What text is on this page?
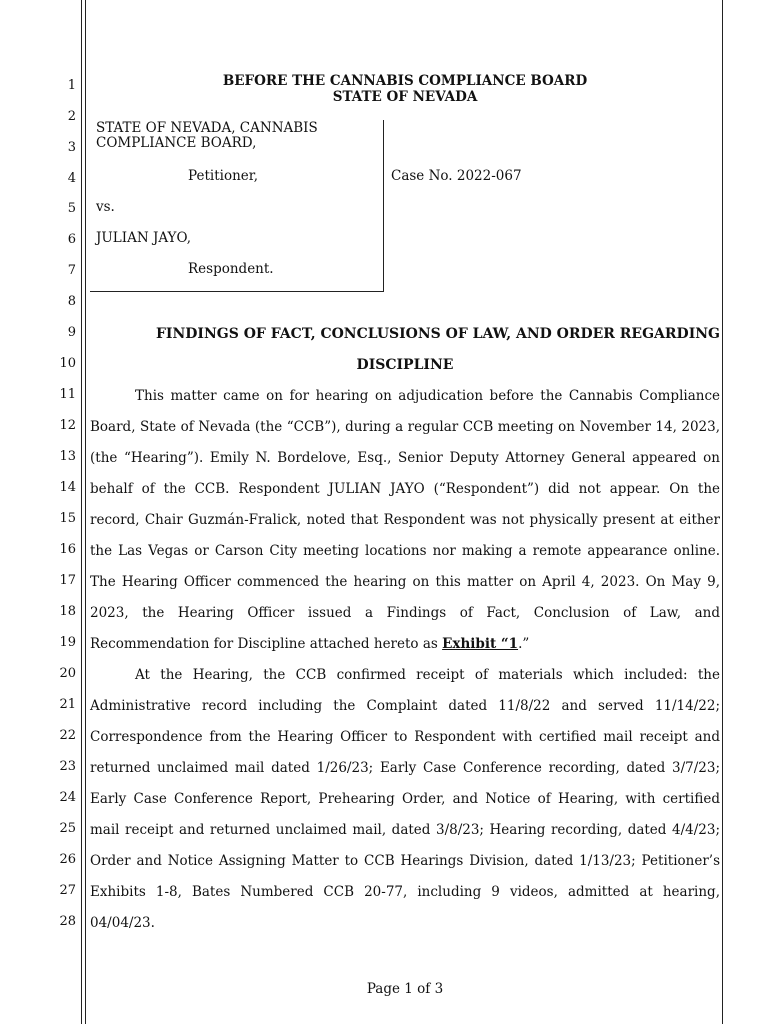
1
2
3
4
5
6
7
8
9
10
11
12
13
14
15
16
17
18
19
20
21
22
23
24
25
26
27
28
BEFORE THE CANNABIS COMPLIANCE BOARD
STATE OF NEVADA
STATE OF NEVADA, CANNABIS
COMPLIANCE BOARD,
Petitioner,	Case No. 2022-067
vs.
JULIAN JAYO,
Respondent.
FINDINGS OF FACT, CONCLUSIONS OF LAW, AND ORDER REGARDING
DISCIPLINE
This matter came on for hearing on adjudication before the Cannabis Compliance
Board, State of Nevada (the “CCB”), during a regular CCB meeting on November 14, 2023,
(the “Hearing”). Emily N. Bordelove, Esq., Senior Deputy Attorney General appeared on
behalf of the CCB. Respondent JULIAN JAYO (“Respondent”) did not appear. On the
record, Chair Guzmán-Fralick, noted that Respondent was not physically present at either
the Las Vegas or Carson City meeting locations nor making a remote appearance online.
The Hearing Officer commenced the hearing on this matter on April 4, 2023. On May 9,
2023, the Hearing Officer issued a Findings of Fact, Conclusion of Law, and
Recommendation for Discipline attached hereto as Exhibit “1.”
At the Hearing, the CCB confirmed receipt of materials which included: the
Administrative record including the Complaint dated 11/8/22 and served 11/14/22;
Correspondence from the Hearing Officer to Respondent with certified mail receipt and
returned unclaimed mail dated 1/26/23; Early Case Conference recording, dated 3/7/23;
Early Case Conference Report, Prehearing Order, and Notice of Hearing, with certified
mail receipt and returned unclaimed mail, dated 3/8/23; Hearing recording, dated 4/4/23;
Order and Notice Assigning Matter to CCB Hearings Division, dated 1/13/23; Petitioner’s
Exhibits 1-8, Bates Numbered CCB 20-77, including 9 videos, admitted at hearing,
04/04/23.
Page 1 of 3
